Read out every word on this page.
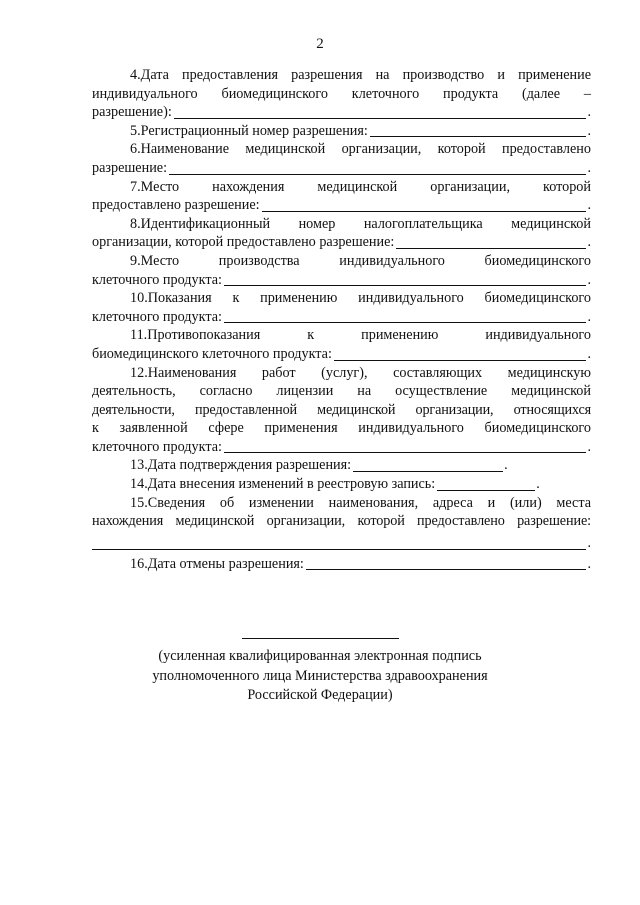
2
4.Дата предоставления разрешения на производство и применение
индивидуального биомедицинского клеточного продукта (далее –
разрешение):	.
5. Регистрационный номер разрешения:	.
6.Наименование медицинской организации, которой предоставлено
разрешение:	.
7.Место нахождения медицинской организации, которой
предоставлено разрешение:	.
8.Идентификационный номер налогоплательщика медицинской
организации, которой предоставлено разрешение:	.
9.Место производства индивидуального биомедицинского
клеточного продукта:	.
10.Показания к применению индивидуального биомедицинского
клеточного продукта:	.
11.Противопоказания к применению индивидуального
биомедицинского клеточного продукта:	.
12.Наименования работ (услуг), составляющих медицинскую
деятельность, согласно лицензии на осуществление медицинской
деятельности, предоставленной медицинской организации, относящихся
к заявленной сфере применения индивидуального биомедицинского
клеточного продукта:	.
13. Дата подтверждения разрешения:	.
14. Дата внесения изменений в реестровую запись:	.
15.Сведения об изменении наименования, адреса и (или) места
нахождения медицинской организации, которой предоставлено разрешение:
.
16. Дата отмены разрешения:	.
(усиленная квалифицированная электронная подпись
уполномоченного лица Министерства здравоохранения
Российской Федерации)
